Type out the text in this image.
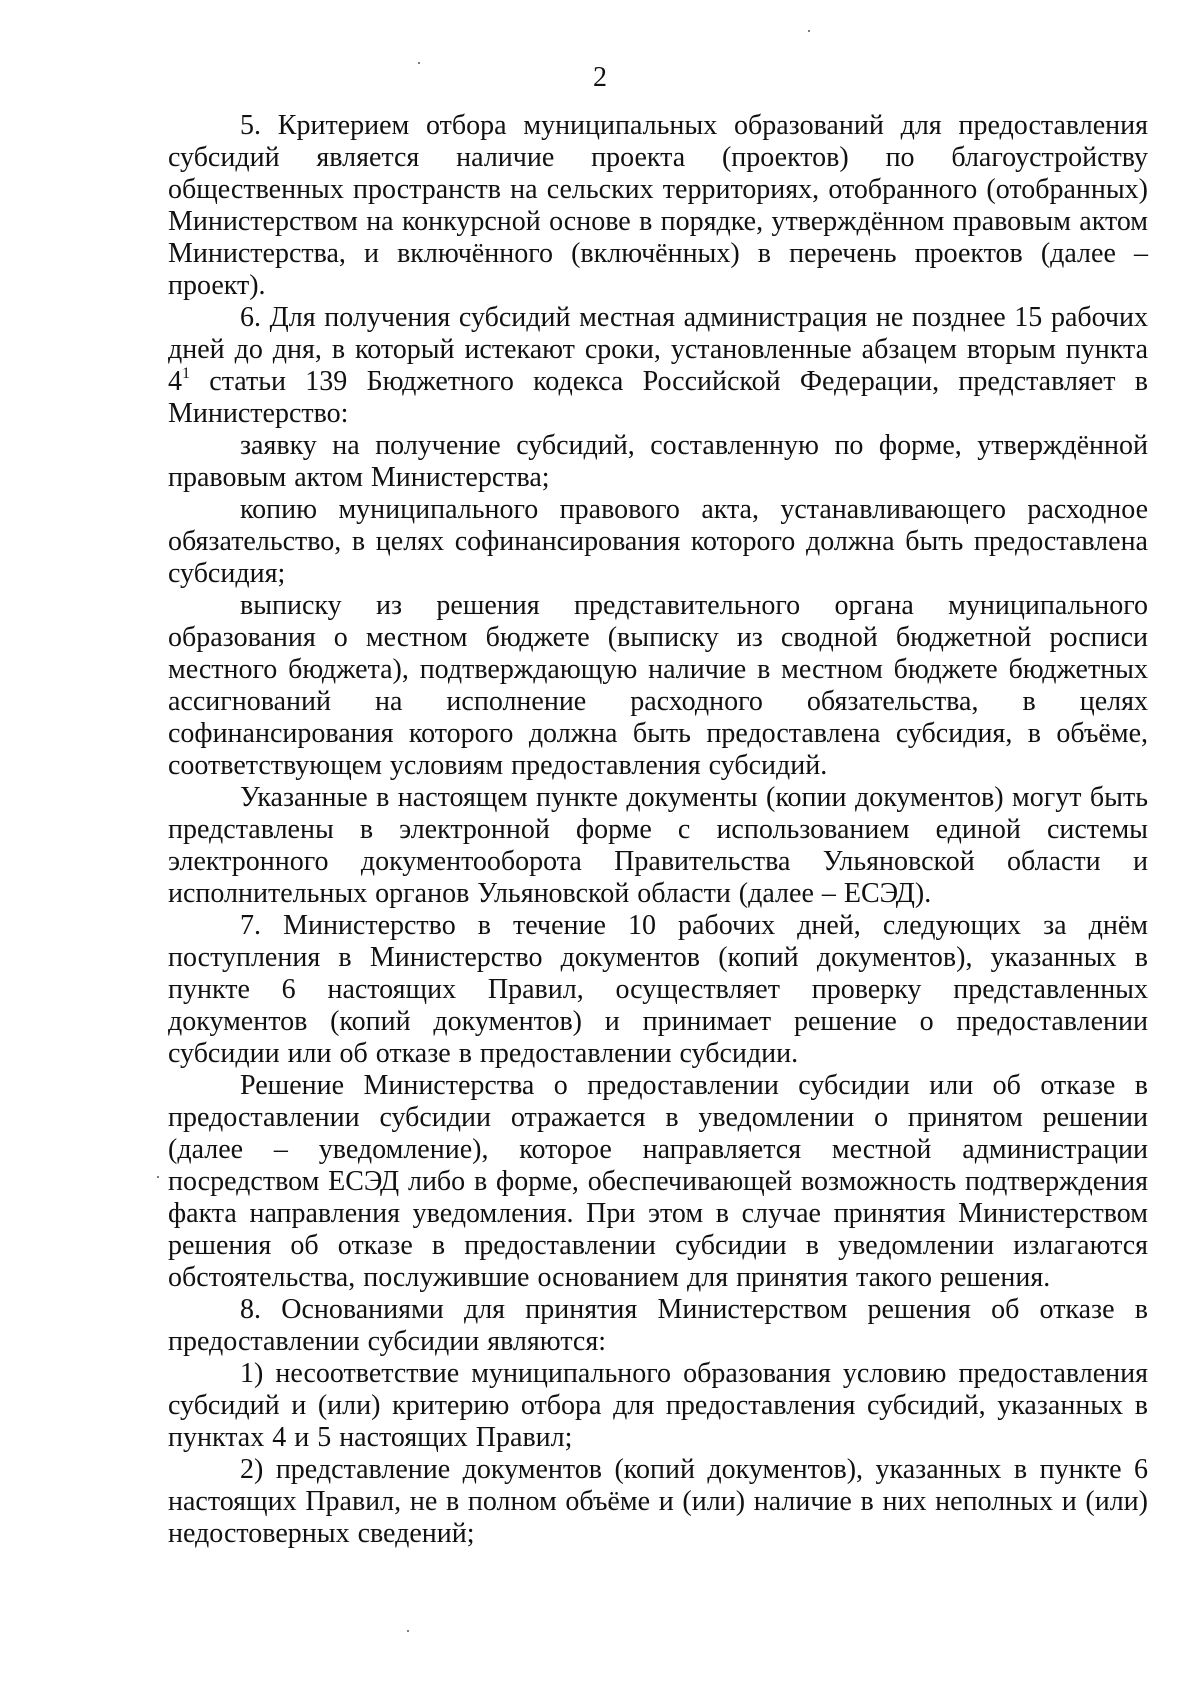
2

5. Критерием отбора муниципальных образований для предоставления субсидий является наличие проекта (проектов) по благоустройству общественных пространств на сельских территориях, отобранного (отобранных) Министерством на конкурсной основе в порядке, утверждённом правовым актом Министерства, и включённого (включённых) в перечень проектов (далее – проект).

6. Для получения субсидий местная администрация не позднее 15 рабочих дней до дня, в который истекают сроки, установленные абзацем вторым пункта $4^1$ статьи 139 Бюджетного кодекса Российской Федерации, представляет в Министерство:

заявку на получение субсидий, составленную по форме, утверждённой правовым актом Министерства;

копию муниципального правового акта, устанавливающего расходное обязательство, в целях софинансирования которого должна быть предоставлена субсидия;

выписку из решения представительного органа муниципального образования о местном бюджете (выписку из сводной бюджетной росписи местного бюджета), подтверждающую наличие в местном бюджете бюджетных ассигнований на исполнение расходного обязательства, в целях софинансирования которого должна быть предоставлена субсидия, в объёме, соответствующем условиям предоставления субсидий.

Указанные в настоящем пункте документы (копии документов) могут быть представлены в электронной форме с использованием единой системы электронного документооборота Правительства Ульяновской области и исполнительных органов Ульяновской области (далее – ЕСЭД).

7. Министерство в течение 10 рабочих дней, следующих за днём поступления в Министерство документов (копий документов), указанных в пункте 6 настоящих Правил, осуществляет проверку представленных документов (копий документов) и принимает решение о предоставлении субсидии или об отказе в предоставлении субсидии.

Решение Министерства о предоставлении субсидии или об отказе в предоставлении субсидии отражается в уведомлении о принятом решении (далее – уведомление), которое направляется местной администрации посредством ЕСЭД либо в форме, обеспечивающей возможность подтверждения факта направления уведомления. При этом в случае принятия Министерством решения об отказе в предоставлении субсидии в уведомлении излагаются обстоятельства, послужившие основанием для принятия такого решения.

8. Основаниями для принятия Министерством решения об отказе в предоставлении субсидии являются:

1) несоответствие муниципального образования условию предоставления субсидий и (или) критерию отбора для предоставления субсидий, указанных в пунктах 4 и 5 настоящих Правил;

2) представление документов (копий документов), указанных в пункте 6 настоящих Правил, не в полном объёме и (или) наличие в них неполных и (или) недостоверных сведений;
